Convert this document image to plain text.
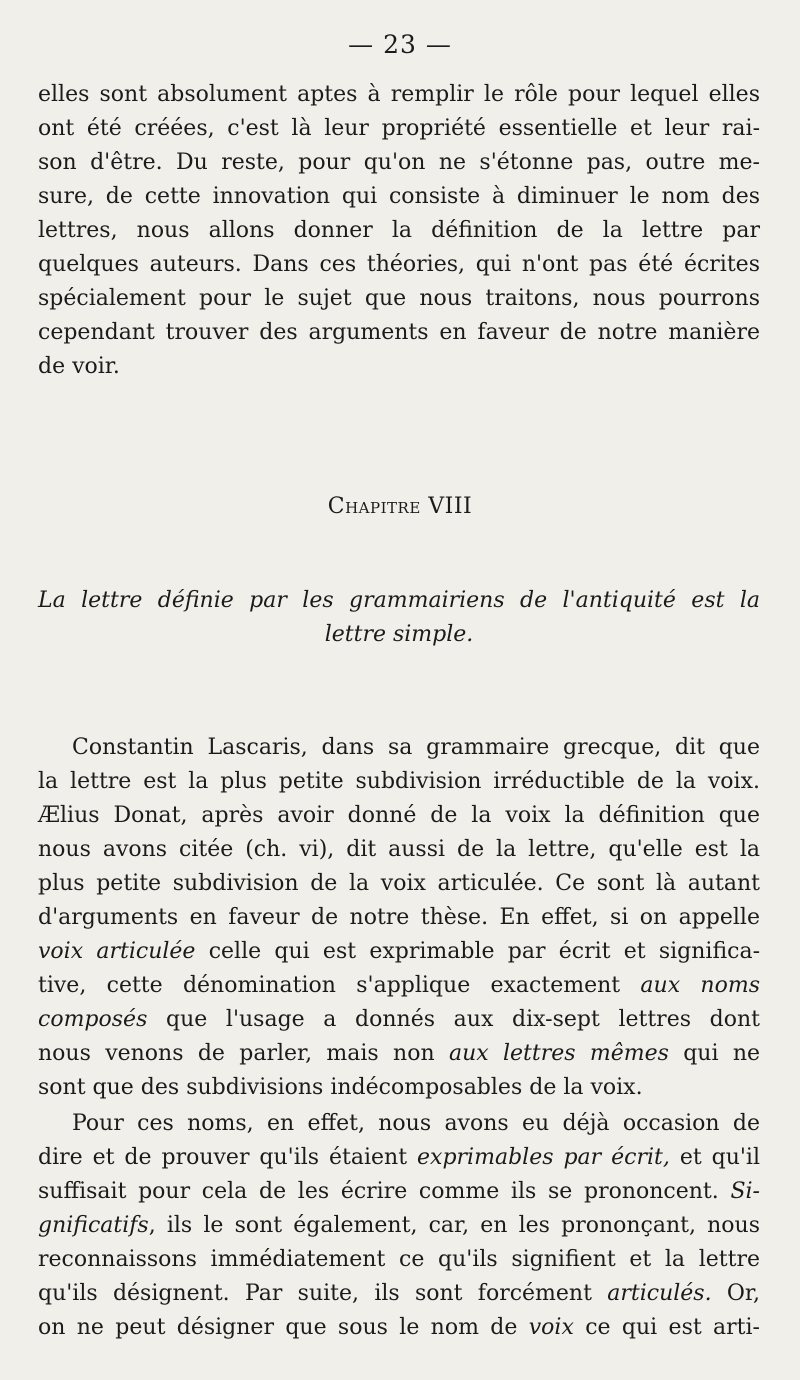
— 23 —
elles sont absolument aptes à remplir le rôle pour lequel elles
ont été créées, c'est là leur propriété essentielle et leur rai-
son d'être. Du reste, pour qu'on ne s'étonne pas, outre me-
sure, de cette innovation qui consiste à diminuer le nom des
lettres, nous allons donner la définition de la lettre par
quelques auteurs. Dans ces théories, qui n'ont pas été écrites
spécialement pour le sujet que nous traitons, nous pourrons
cependant trouver des arguments en faveur de notre manière
de voir.
Chapitre VIII
La lettre définie par les grammairiens de l'antiquité est la
lettre simple.
Constantin Lascaris, dans sa grammaire grecque, dit que
la lettre est la plus petite subdivision irréductible de la voix.
Ælius Donat, après avoir donné de la voix la définition que
nous avons citée (ch. vi), dit aussi de la lettre, qu'elle est la
plus petite subdivision de la voix articulée. Ce sont là autant
d'arguments en faveur de notre thèse. En effet, si on appelle
voix articulée celle qui est exprimable par écrit et significa-
tive, cette dénomination s'applique exactement aux noms
composés que l'usage a donnés aux dix-sept lettres dont
nous venons de parler, mais non aux lettres mêmes qui ne
sont que des subdivisions indécomposables de la voix.
Pour ces noms, en effet, nous avons eu déjà occasion de
dire et de prouver qu'ils étaient exprimables par écrit, et qu'il
suffisait pour cela de les écrire comme ils se prononcent. Si-
gnificatifs, ils le sont également, car, en les prononçant, nous
reconnaissons immédiatement ce qu'ils signifient et la lettre
qu'ils désignent. Par suite, ils sont forcément articulés. Or,
on ne peut désigner que sous le nom de voix ce qui est arti-
